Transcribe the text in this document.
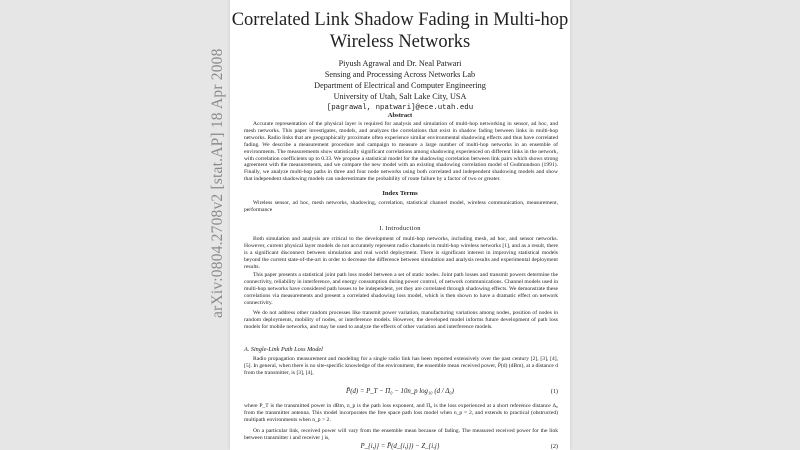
arXiv:0804.2708v2 [stat.AP] 18 Apr 2008
Correlated Link Shadow Fading in Multi-hop
Wireless Networks
Piyush Agrawal and Dr. Neal Patwari
Sensing and Processing Across Networks Lab
Department of Electrical and Computer Engineering
University of Utah, Salt Lake City, USA
[pagrawal, npatwari]@ece.utah.edu
Abstract

Accurate representation of the physical layer is required for analysis and simulation of multi-hop networking in sensor, ad hoc, and mesh networks. This paper investigates, models, and analyzes the correlations that exist in shadow fading between links in multi-hop networks. Radio links that are geographically proximate often experience similar environmental shadowing effects and thus have correlated fading. We describe a measurement procedure and campaign to measure a large number of multi-hop networks in an ensemble of environments. The measurements show statistically significant correlations among shadowing experienced on different links in the network, with correlation coefficients up to 0.33. We propose a statistical model for the shadowing correlation between link pairs which shows strong agreement with the measurements, and we compare the new model with an existing shadowing correlation model of Gudmundson (1991). Finally, we analyze multi-hop paths in three and four node networks using both correlated and independent shadowing models and show that independent shadowing models can underestimate the probability of route failure by a factor of two or greater.

Index Terms

Wireless sensor, ad hoc, mesh networks, shadowing, correlation, statistical channel model, wireless communication, measurement, performance

I. Introduction

Both simulation and analysis are critical to the development of multi-hop networks, including mesh, ad hoc, and sensor networks. However, current physical layer models do not accurately represent radio channels in multi-hop wireless networks [1], and as a result, there is a significant disconnect between simulation and real world deployment. There is significant interest in improving statistical models beyond the current state-of-the-art in order to decrease the difference between simulation and analysis results and experimental deployment results.

This paper presents a statistical joint path loss model between a set of static nodes. Joint path losses and transmit powers determine the connectivity, reliability in interference, and energy consumption during power control, of network communications. Channel models used in multi-hop networks have considered path losses to be independent, yet they are correlated through shadowing effects. We demonstrate these correlations via measurements and present a correlated shadowing loss model, which is then shown to have a dramatic effect on network connectivity.

We do not address other random processes like transmit power variation, manufacturing variations among nodes, position of nodes in random deployments, mobility of nodes, or interference models. However, the developed model informs future development of path loss models for mobile networks, and may be used to analyze the effects of other variation and interference models.

A. Single-Link Path Loss Model

Radio propagation measurement and modeling for a single radio link has been reported extensively over the past century [2], [3], [4], [5]. In general, when there is no site-specific knowledge of the environment, the ensemble mean received power, P̄(d) (dBm), at a distance d from the transmitter, is [3], [4],

P̄(d) = P_T − Π₀ − 10n_p log₁₀ (d / Δ₀)	(1)

where P_T is the transmitted power in dBm, n_p is the path loss exponent, and Π₀ is the loss experienced at a short reference distance Δ₀ from the transmitter antenna. This model incorporates the free space path loss model when n_p = 2, and extends to practical (obstructed) multipath environments when n_p > 2.

On a particular link, received power will vary from the ensemble mean because of fading. The measured received power for the link between transmitter i and receiver j is,

P_{i,j} = P̄(d_{i,j}) − Z_{i,j}	(2)
